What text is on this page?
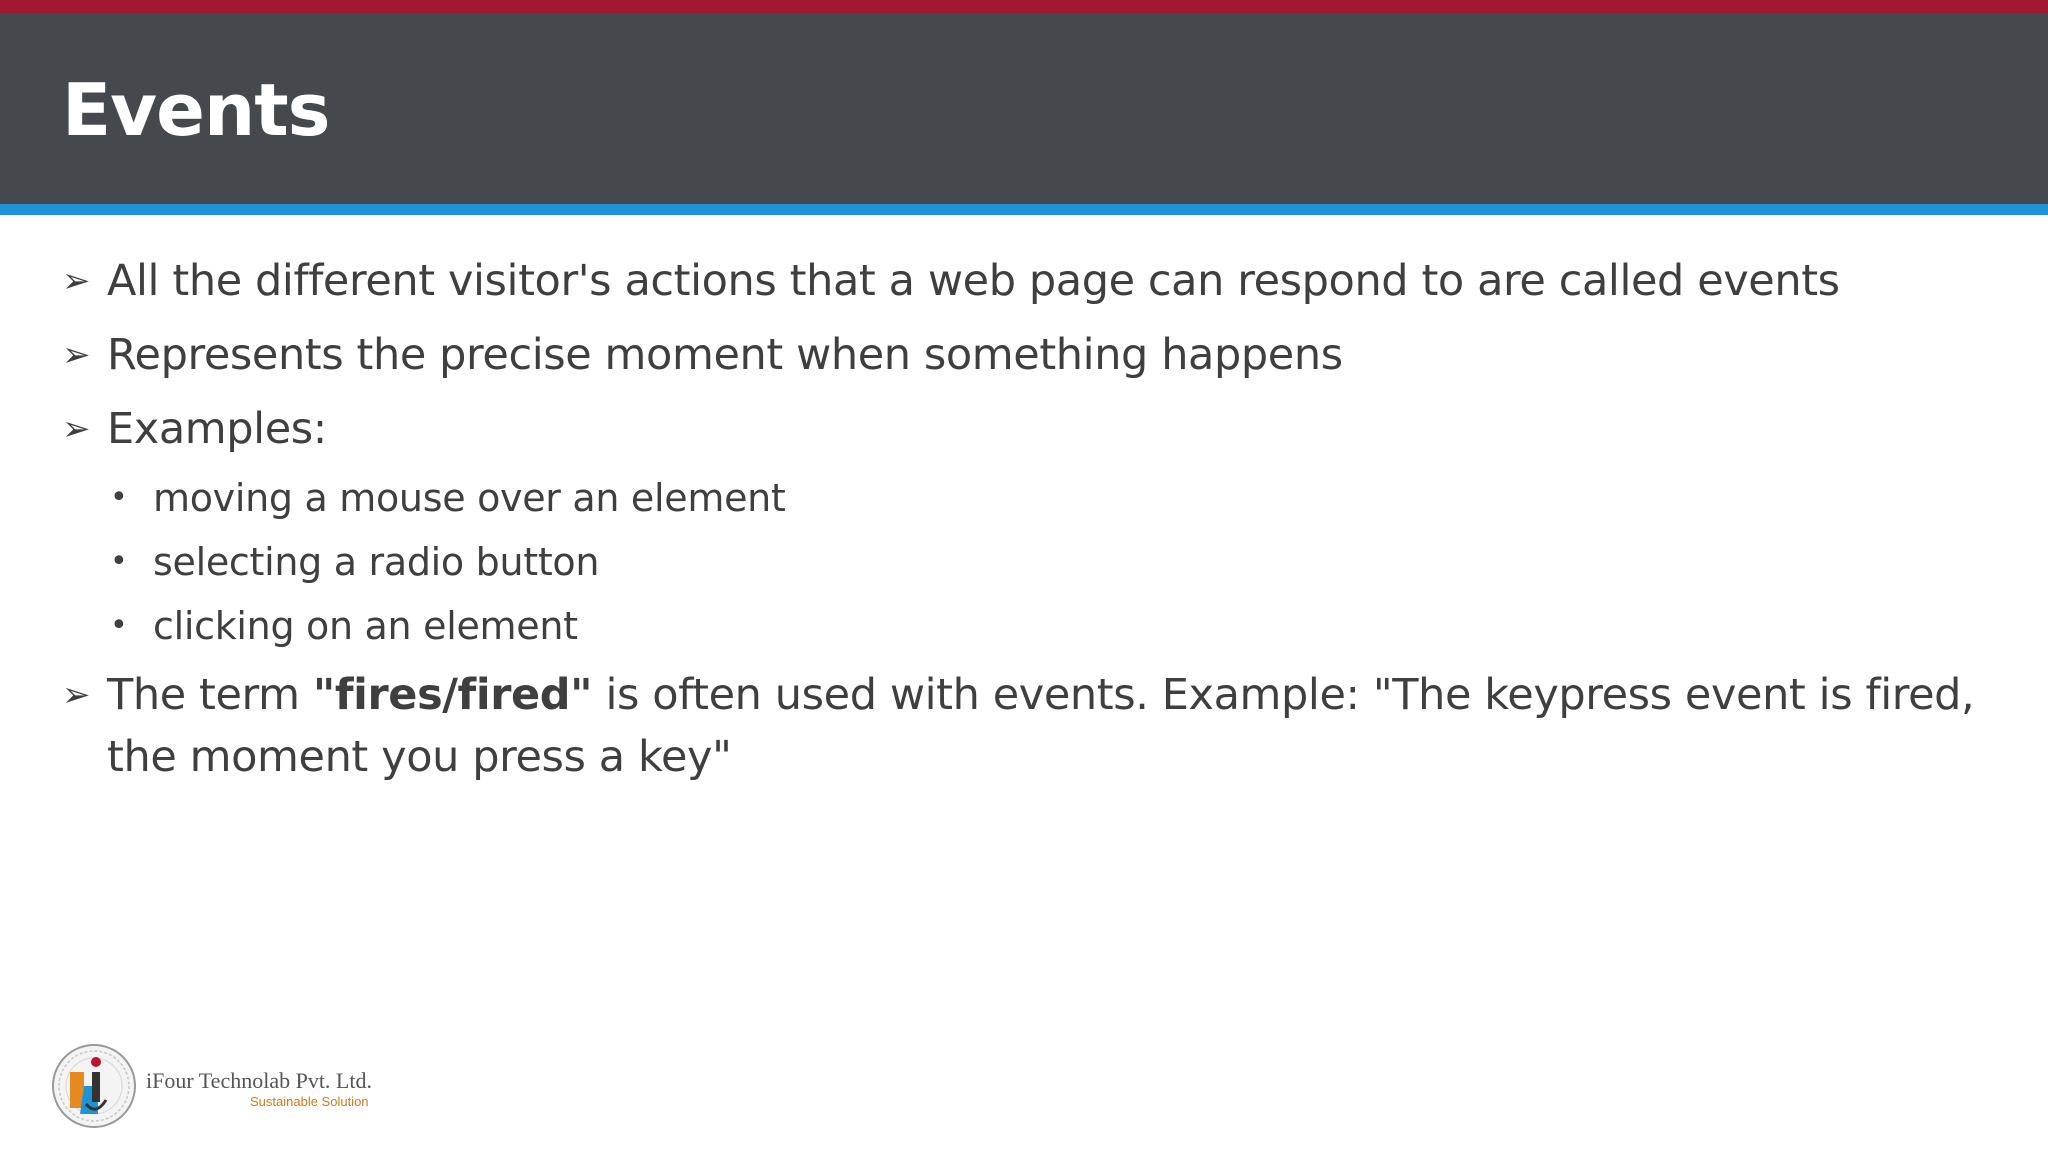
Events
➢ All the different visitor's actions that a web page can respond to are called events
➢ Represents the precise moment when something happens
➢ Examples:
• moving a mouse over an element
• selecting a radio button
• clicking on an element
➢ The term "fires/fired" is often used with events. Example: "The keypress event is fired, the moment you press a key"
iFour Technolab Pvt. Ltd.
Sustainable Solution
